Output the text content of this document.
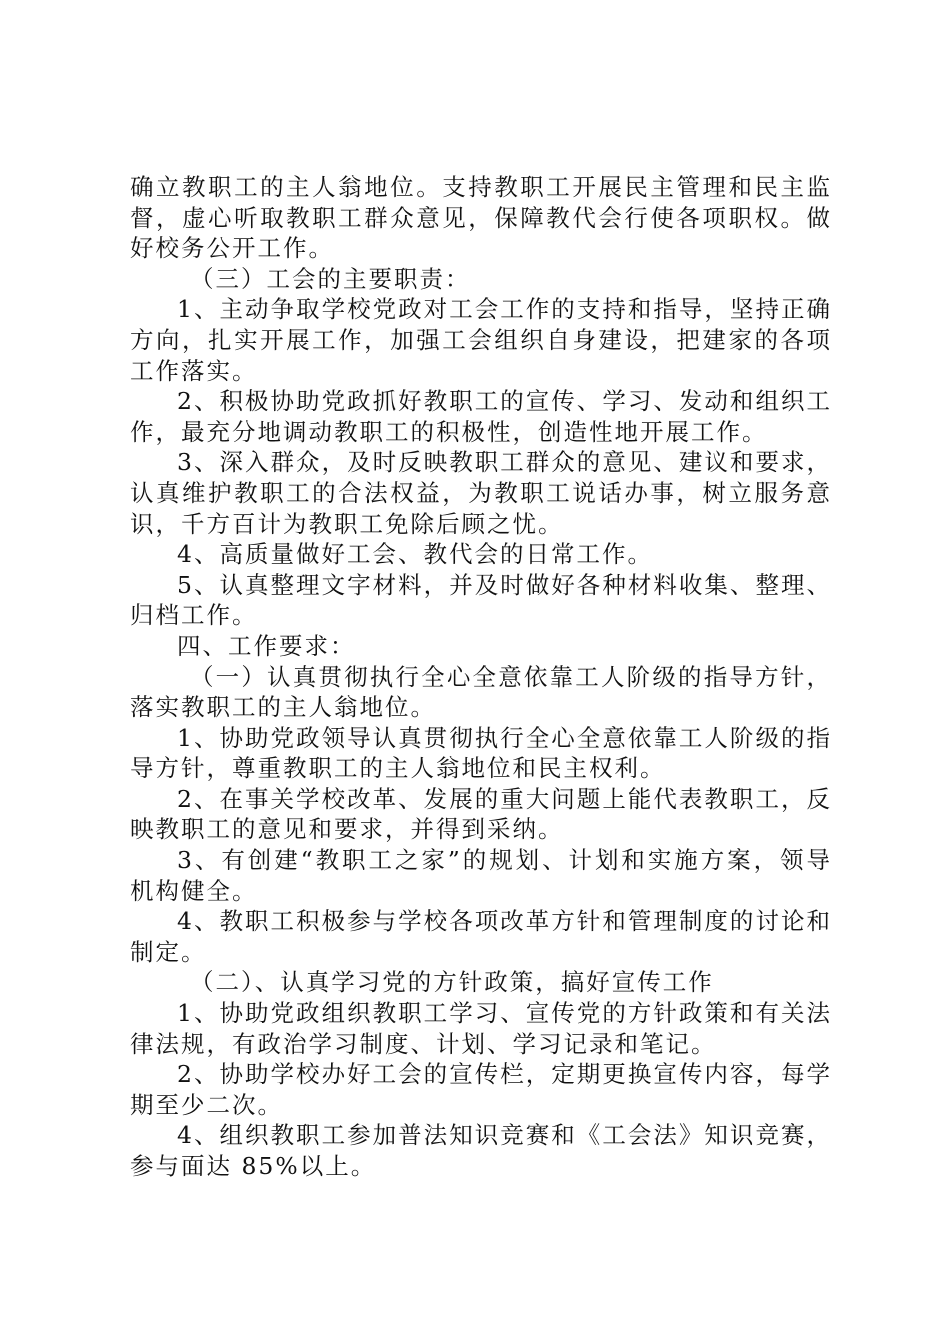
确立教职工的主人翁地位。支持教职工开展民主管理和民主监
督，虚心听取教职工群众意见，保障教代会行使各项职权。做
好校务公开工作。
（三）工会的主要职责：
1、主动争取学校党政对工会工作的支持和指导，坚持正确
方向，扎实开展工作，加强工会组织自身建设，把建家的各项
工作落实。
2、积极协助党政抓好教职工的宣传、学习、发动和组织工
作，最充分地调动教职工的积极性，创造性地开展工作。
3、深入群众，及时反映教职工群众的意见、建议和要求，
认真维护教职工的合法权益，为教职工说话办事，树立服务意
识，千方百计为教职工免除后顾之忧。
4、高质量做好工会、教代会的日常工作。
5、认真整理文字材料，并及时做好各种材料收集、整理、
归档工作。
四、工作要求：
（一）认真贯彻执行全心全意依靠工人阶级的指导方针，
落实教职工的主人翁地位。
1、协助党政领导认真贯彻执行全心全意依靠工人阶级的指
导方针，尊重教职工的主人翁地位和民主权利。
2、在事关学校改革、发展的重大问题上能代表教职工，反
映教职工的意见和要求，并得到采纳。
3、有创建“教职工之家”的规划、计划和实施方案，领导
机构健全。
4、教职工积极参与学校各项改革方针和管理制度的讨论和
制定。
（二）、认真学习党的方针政策，搞好宣传工作
1、协助党政组织教职工学习、宣传党的方针政策和有关法
律法规，有政治学习制度、计划、学习记录和笔记。
2、协助学校办好工会的宣传栏，定期更换宣传内容，每学
期至少二次。
4、组织教职工参加普法知识竞赛和《工会法》知识竞赛，
参与面达 85%以上。
